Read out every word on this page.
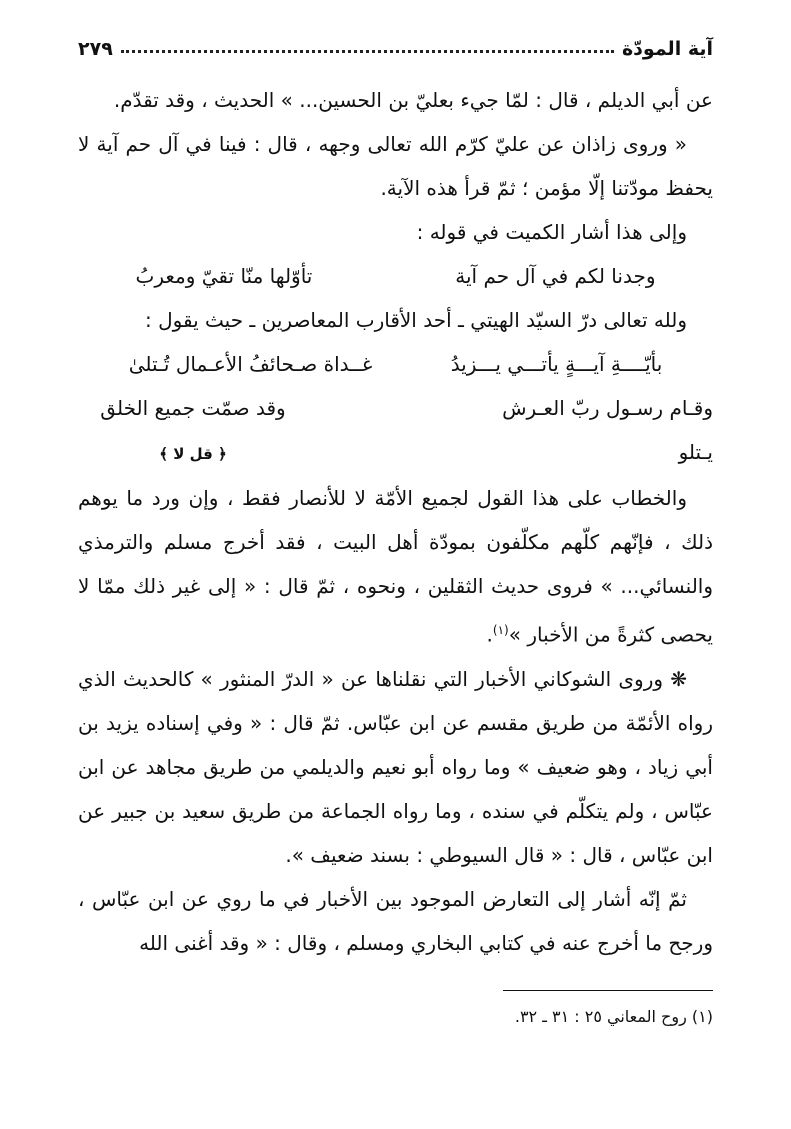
آية المودّة
٢٧٩

عن أبي الديلم ، قال : لمّا جيء بعليّ بن الحسين... » الحديث ، وقد تقدّم.

« وروى زاذان عن عليّ كرّم الله تعالى وجهه ، قال : فينا في آل حم آية لا يحفظ مودّتنا إلّا مؤمن ؛ ثمّ قرأ هذه الآية.

وإلى هذا أشار الكميت في قوله :

وجدنا لكم في آل حم آية
تأوّلها منّا تقيّ ومعربُ

ولله تعالى درّ السيّد الهيتي ـ أحد الأقارب المعاصرين ـ حيث يقول :

بأيّــــةِ آيـــةٍ يأتـــي يـــزيدُ
غــداة صـحائفُ الأعـمال تُـتلىٰ
وقـام رسـول ربّ العـرش يـتلو
وقد صمّت جميع الخلق ﴿ قل لا ﴾

والخطاب على هذا القول لجميع الأمّة لا للأنصار فقط ، وإن ورد ما يوهم ذلك ، فإنّهم كلّهم مكلّفون بمودّة أهل البيت ، فقد أخرج مسلم والترمذي والنسائي... » فروى حديث الثقلين ، ونحوه ، ثمّ قال : « إلى غير ذلك ممّا لا يحصى كثرةً من الأخبار »$^{(١)}$.

❋ وروى الشوكاني الأخبار التي نقلناها عن « الدرّ المنثور » كالحديث الذي رواه الأئمّة من طريق مقسم عن ابن عبّاس. ثمّ قال : « وفي إسناده يزيد بن أبي زياد ، وهو ضعيف » وما رواه أبو نعيم والديلمي من طريق مجاهد عن ابن عبّاس ، ولم يتكلّم في سنده ، وما رواه الجماعة من طريق سعيد بن جبير عن ابن عبّاس ، قال : « قال السيوطي : بسند ضعيف ».

ثمّ إنّه أشار إلى التعارض الموجود بين الأخبار في ما روي عن ابن عبّاس ، ورجح ما أخرج عنه في كتابي البخاري ومسلم ، وقال : « وقد أغنى الله

(١) روح المعاني ٢٥ : ٣١ ـ ٣٢.
